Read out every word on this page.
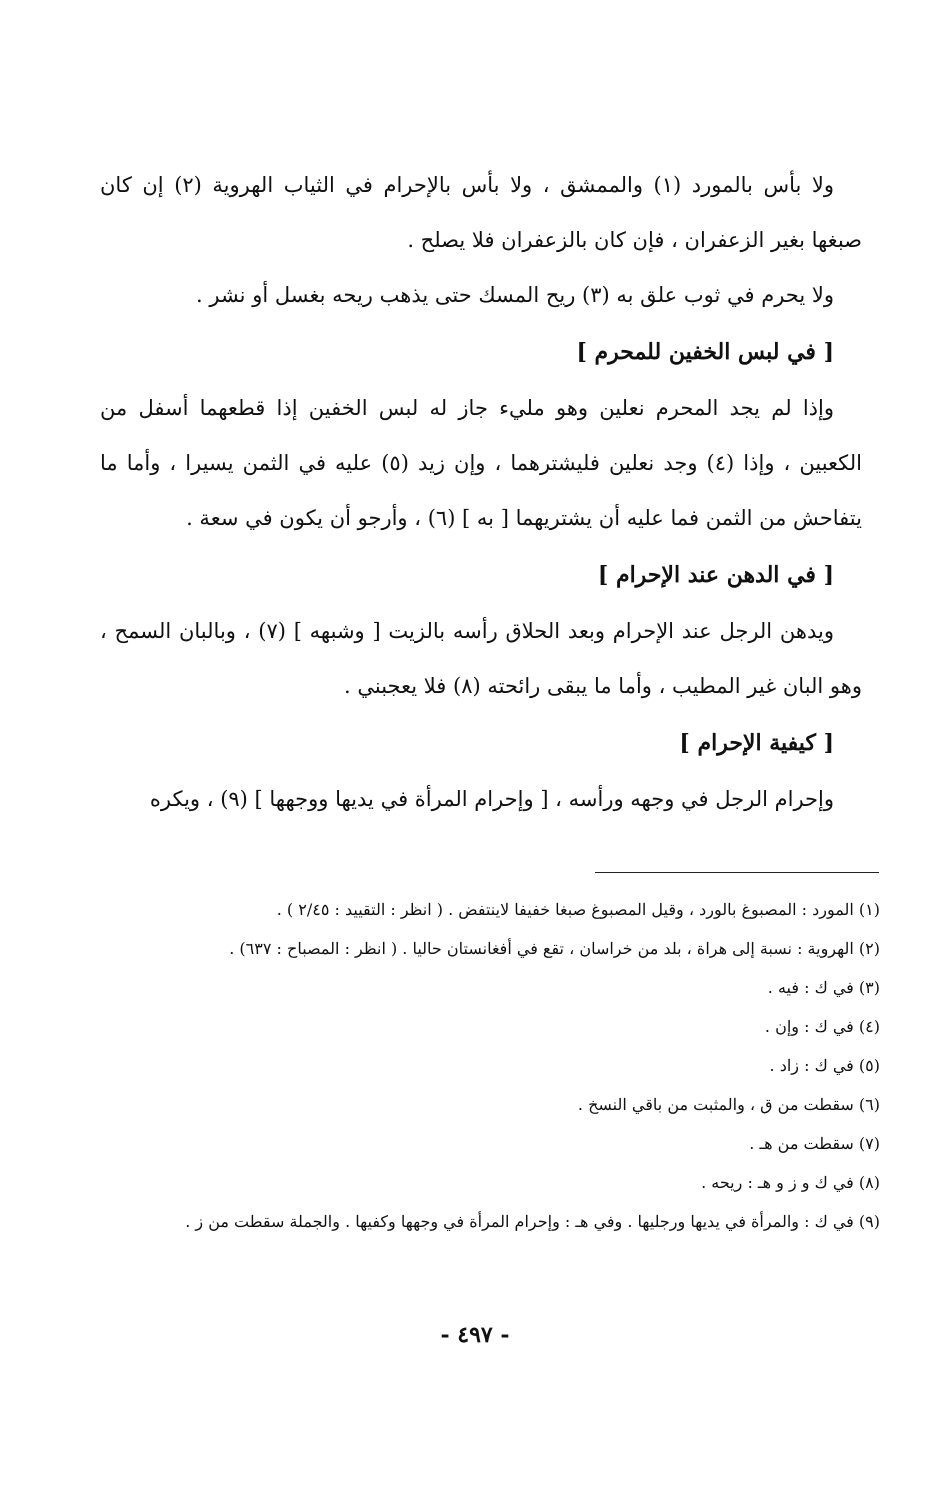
ولا بأس بالمورد (١) والممشق ، ولا بأس بالإحرام في الثياب الهروية (٢) إن كان صبغها بغير الزعفران ، فإن كان بالزعفران فلا يصلح .

ولا يحرم في ثوب علق به (٣) ريح المسك حتى يذهب ريحه بغسل أو نشر .

[ في لبس الخفين للمحرم ]

وإذا لم يجد المحرم نعلين وهو مليء جاز له لبس الخفين إذا قطعهما أسفل من الكعبين ، وإذا (٤) وجد نعلين فليشترهما ، وإن زيد (٥) عليه في الثمن يسيرا ، وأما ما يتفاحش من الثمن فما عليه أن يشتريهما [ به ] (٦) ، وأرجو أن يكون في سعة .

[ في الدهن عند الإحرام ]

ويدهن الرجل عند الإحرام وبعد الحلاق رأسه بالزيت [ وشبهه ] (٧) ، وبالبان السمح ، وهو البان غير المطيب ، وأما ما يبقى رائحته (٨) فلا يعجبني .

[ كيفية الإحرام ]

وإحرام الرجل في وجهه ورأسه ، [ وإحرام المرأة في يديها ووجهها ] (٩) ، ويكره

(١) المورد : المصبوغ بالورد ، وقيل المصبوغ صبغا خفيفا لاينتفض . ( انظر : التقييد : ٢/٤٥ ) .

(٢) الهروية : نسبة إلى هراة ، بلد من خراسان ، تقع في أفغانستان حاليا . ( انظر : المصباح : ٦٣٧) .

(٣) في ك : فيه .

(٤) في ك : وإن .

(٥) في ك : زاد .

(٦) سقطت من ق ، والمثبت من باقي النسخ .

(٧) سقطت من هـ .

(٨) في ك و ز و هـ : ريحه .

(٩) في ك : والمرأة في يديها ورجليها . وفي هـ : وإحرام المرأة في وجهها وكفيها . والجملة سقطت من ز .

- ٤٩٧ -
